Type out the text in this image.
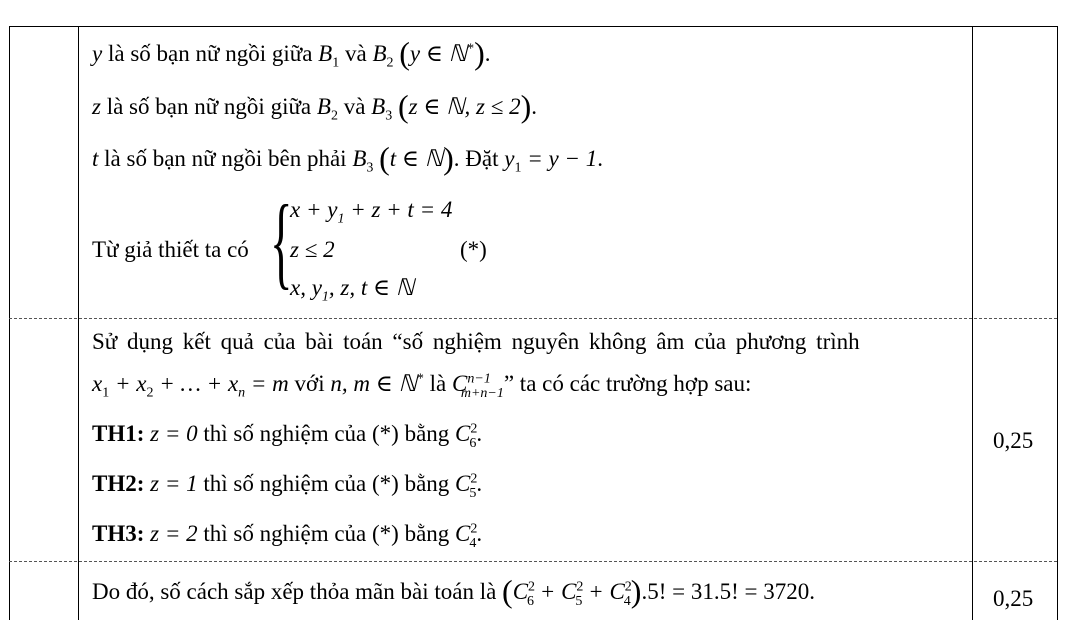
y là số bạn nữ ngồi giữa $B_1$ và $B_2$ (y ∈ ℕ*).
z là số bạn nữ ngồi giữa $B_2$ và $B_3$ (z ∈ ℕ, z ≤ 2).
t là số bạn nữ ngồi bên phải $B_3$ (t ∈ ℕ). Đặt $y_1 = y - 1$.
Từ giả thiết ta có {
$x + y_1 + z + t = 4$
z ≤ 2
x, $y_1$, z, t ∈ ℕ
(*)
Sử dụng kết quả của bài toán “số nghiệm nguyên không âm của phương trình
$x_1 + x_2$ + … + $x_n = m$ với n, m ∈ ℕ* là $C^{n-1}_{m+n-1}$” ta có các trường hợp sau:
TH1: z = 0 thì số nghiệm của (*) bằng $C^2_6$.
TH2: z = 1 thì số nghiệm của (*) bằng $C^2_5$.
TH3: z = 2 thì số nghiệm của (*) bằng $C^2_4$.
0,25
Do đó, số cách sắp xếp thỏa mãn bài toán là $(C^2_6 + C^2_5 + C^2_4).5$! = 31.5! = 3720.	0,25
